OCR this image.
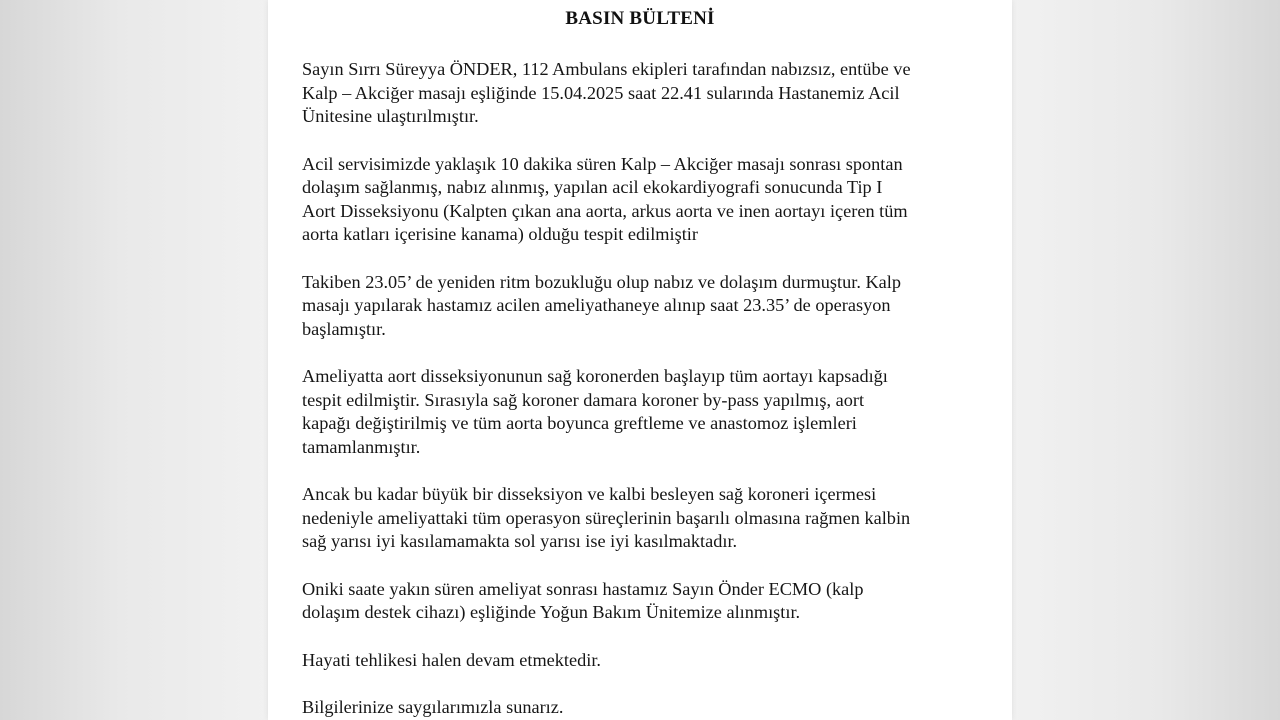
BASIN BÜLTENİ
Sayın Sırrı Süreyya ÖNDER, 112 Ambulans ekipleri tarafından nabızsız, entübe ve
Kalp – Akciğer masajı eşliğinde 15.04.2025 saat 22.41 sularında Hastanemiz Acil
Ünitesine ulaştırılmıştır.
Acil servisimizde yaklaşık 10 dakika süren Kalp – Akciğer masajı sonrası spontan
dolaşım sağlanmış, nabız alınmış, yapılan acil ekokardiyografi sonucunda Tip I
Aort Disseksiyonu (Kalpten çıkan ana aorta, arkus aorta ve inen aortayı içeren tüm
aorta katları içerisine kanama) olduğu tespit edilmiştir
Takiben 23.05’ de yeniden ritm bozukluğu olup nabız ve dolaşım durmuştur. Kalp
masajı yapılarak hastamız acilen ameliyathaneye alınıp saat 23.35’ de operasyon
başlamıştır.
Ameliyatta aort disseksiyonunun sağ koronerden başlayıp tüm aortayı kapsadığı
tespit edilmiştir. Sırasıyla sağ koroner damara koroner by-pass yapılmış, aort
kapağı değiştirilmiş ve tüm aorta boyunca greftleme ve anastomoz işlemleri
tamamlanmıştır.
Ancak bu kadar büyük bir disseksiyon ve kalbi besleyen sağ koroneri içermesi
nedeniyle ameliyattaki tüm operasyon süreçlerinin başarılı olmasına rağmen kalbin
sağ yarısı iyi kasılamamakta sol yarısı ise iyi kasılmaktadır.
Oniki saate yakın süren ameliyat sonrası hastamız Sayın Önder ECMO (kalp
dolaşım destek cihazı) eşliğinde Yoğun Bakım Ünitemize alınmıştır.
Hayati tehlikesi halen devam etmektedir.
Bilgilerinize saygılarımızla sunarız.
